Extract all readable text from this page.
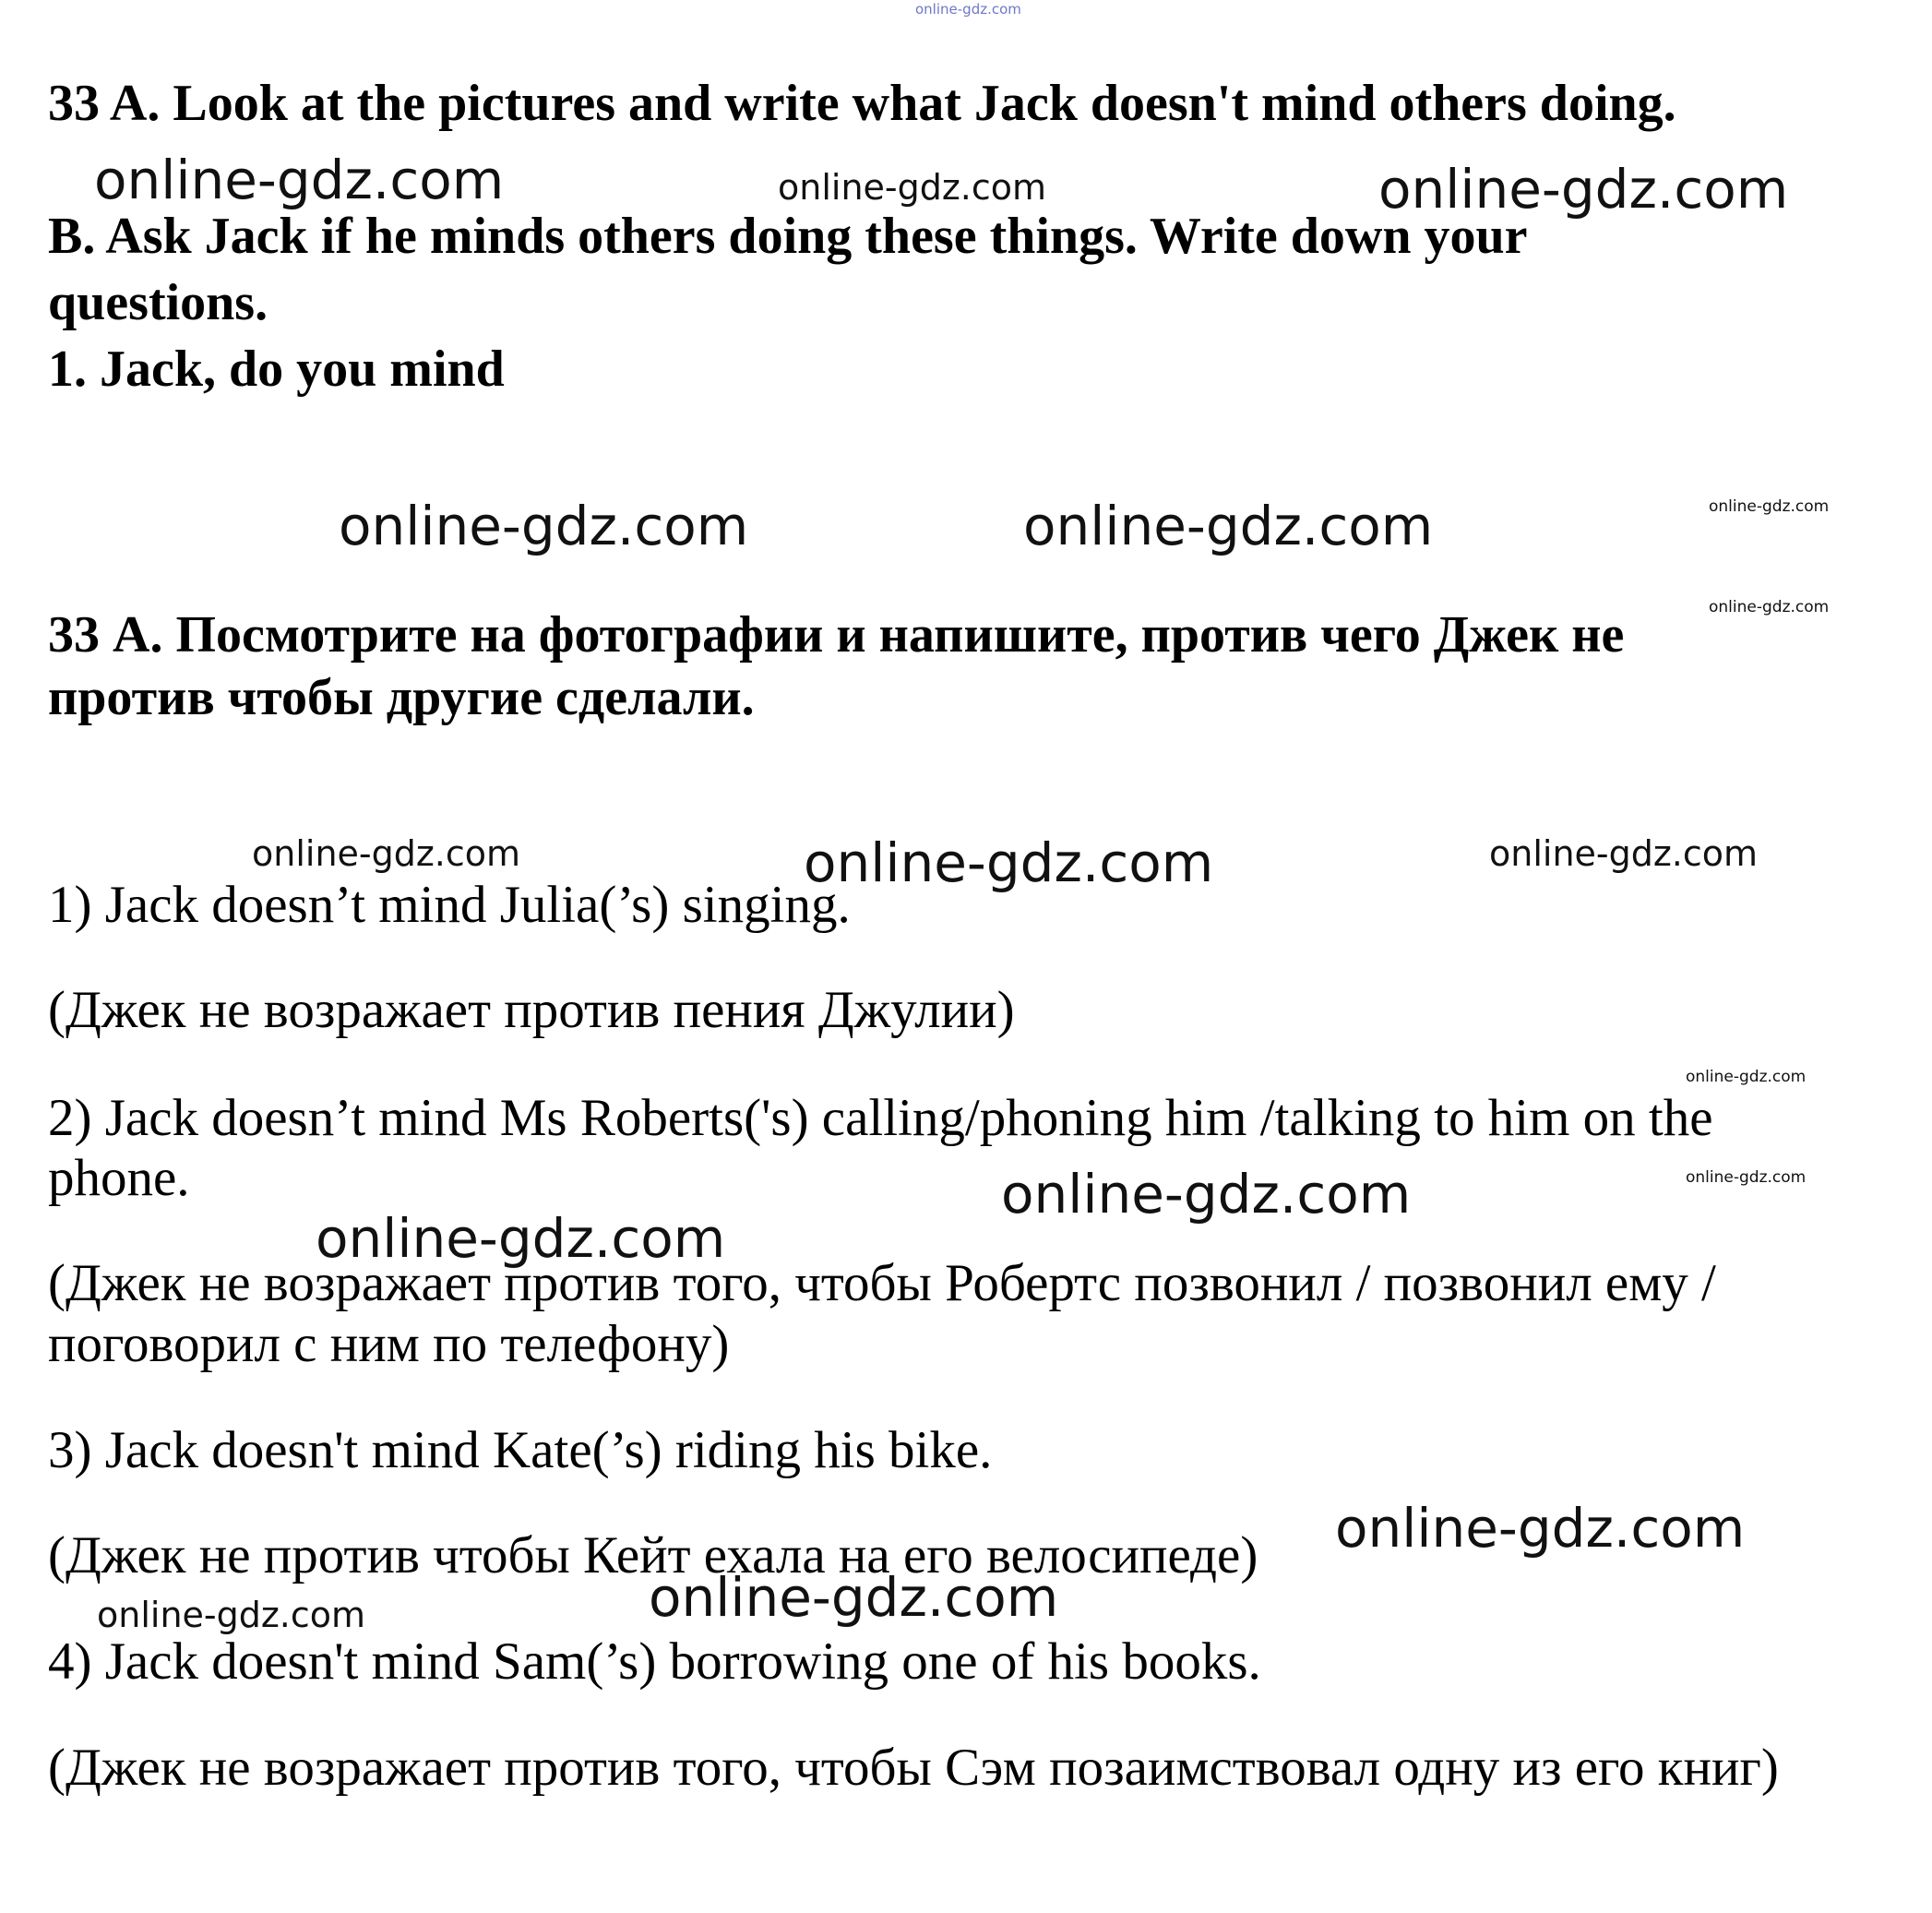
online-gdz.com

33 A. Look at the pictures and write what Jack doesn't mind others doing.

B. Ask Jack if he minds others doing these things. Write down your

questions.

1. Jack, do you mind

33 А. Посмотрите на фотографии и напишите, против чего Джек не

против чтобы другие сделали.

1) Jack doesn’t mind Julia(’s) singing.

(Джек не возражает против пения Джулии)

2) Jack doesn’t mind Ms Roberts('s) calling/phoning him /talking to him on the

phone.

(Джек не возражает против того, чтобы Робертс позвонил / позвонил ему /

поговорил с ним по телефону)

3) Jack doesn't mind Kate(’s) riding his bike.

(Джек не против чтобы Кейт ехала на его велосипеде)

4) Jack doesn't mind Sam(’s) borrowing one of his books.

(Джек не возражает против того, чтобы Сэм позаимствовал одну из его книг)

online-gdz.com	online-gdz.com	online-gdz.com
online-gdz.com	online-gdz.com	online-gdz.com
online-gdz.com
online-gdz.com	online-gdz.com	online-gdz.com
online-gdz.com
online-gdz.com
online-gdz.com
online-gdz.com
online-gdz.com
online-gdz.com
online-gdz.com
